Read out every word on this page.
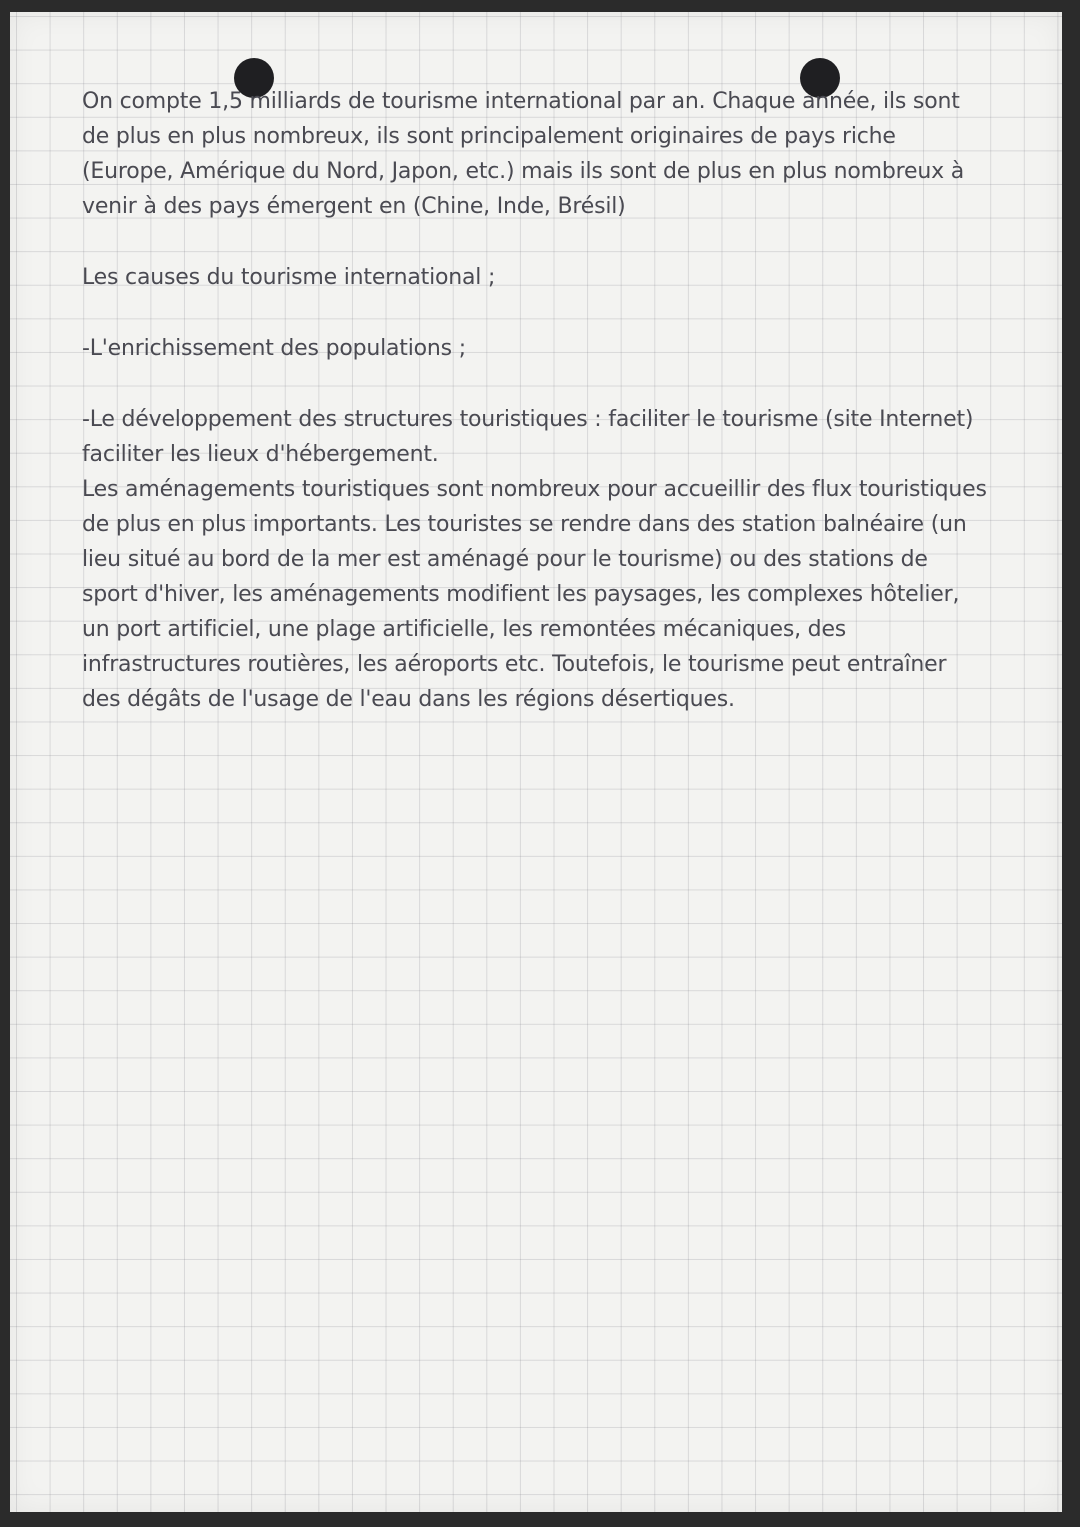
On compte 1,5 milliards de tourisme international par an. Chaque année, ils sont de plus en plus nombreux, ils sont principalement originaires de pays riche (Europe, Amérique du Nord, Japon, etc.) mais ils sont de plus en plus nombreux à venir à des pays émergent en (Chine, Inde, Brésil)

Les causes du tourisme international ;

-L'enrichissement des populations ;

-Le développement des structures touristiques : faciliter le tourisme (site Internet) faciliter les lieux d'hébergement.

Les aménagements touristiques sont nombreux pour accueillir des flux touristiques de plus en plus importants. Les touristes se rendre dans des station balnéaire (un lieu situé au bord de la mer est aménagé pour le tourisme) ou des stations de sport d'hiver, les aménagements modifient les paysages, les complexes hôtelier, un port artificiel, une plage artificielle, les remontées mécaniques, des infrastructures routières, les aéroports etc. Toutefois, le tourisme peut entraîner des dégâts de l'usage de l'eau dans les régions désertiques.
